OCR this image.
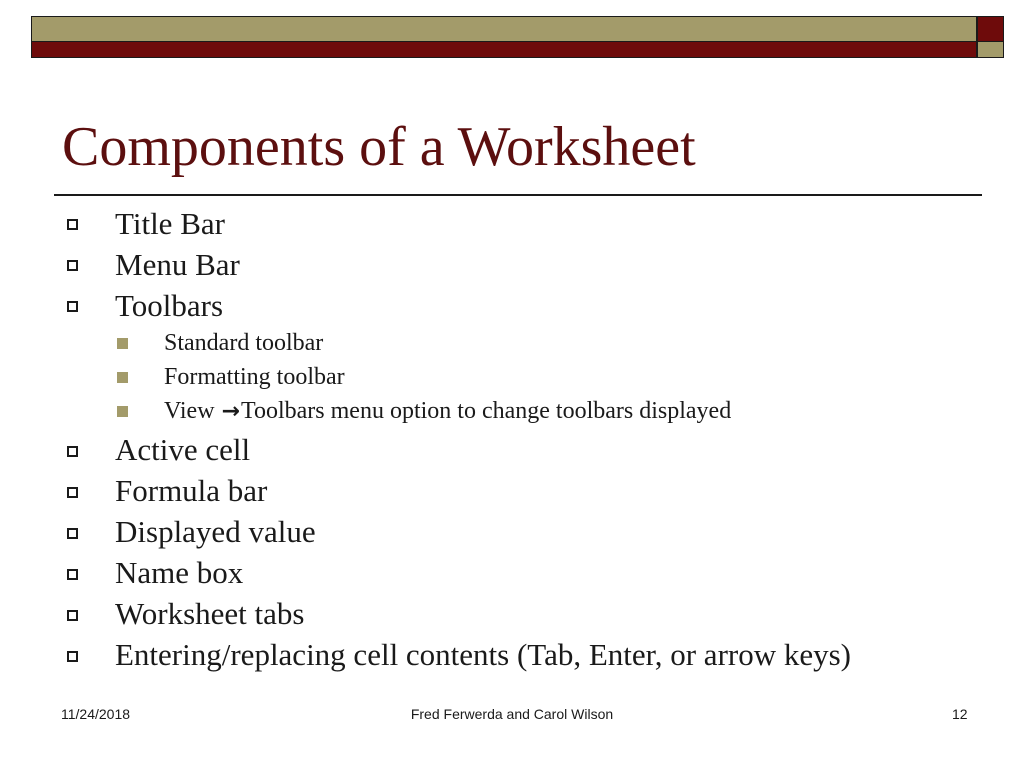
Components of a Worksheet
Title Bar
Menu Bar
Toolbars
Standard toolbar
Formatting toolbar
View →Toolbars menu option to change toolbars displayed
Active cell
Formula bar
Displayed value
Name box
Worksheet tabs
Entering/replacing cell contents (Tab, Enter, or arrow keys)
11/24/2018	Fred Ferwerda and Carol Wilson	12
